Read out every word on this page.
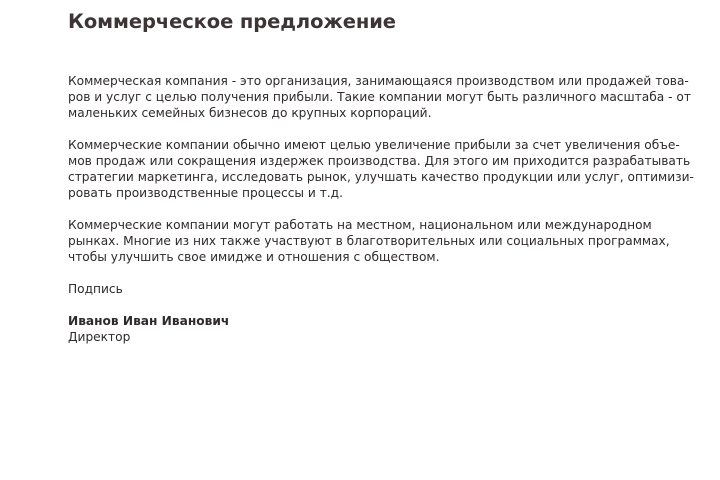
Коммерческое предложение

Коммерческая компания - это организация, занимающаяся производством или продажей това-
ров и услуг с целью получения прибыли. Такие компании могут быть различного масштаба - от
маленьких семейных бизнесов до крупных корпораций.

Коммерческие компании обычно имеют целью увеличение прибыли за счет увеличения объе-
мов продаж или сокращения издержек производства. Для этого им приходится разрабатывать
стратегии маркетинга, исследовать рынок, улучшать качество продукции или услуг, оптимизи-
ровать производственные процессы и т.д.

Коммерческие компании могут работать на местном, национальном или международном
рынках. Многие из них также участвуют в благотворительных или социальных программах,
чтобы улучшить свое имидже и отношения с обществом.

Подпись

Иванов Иван Иванович
Директор
